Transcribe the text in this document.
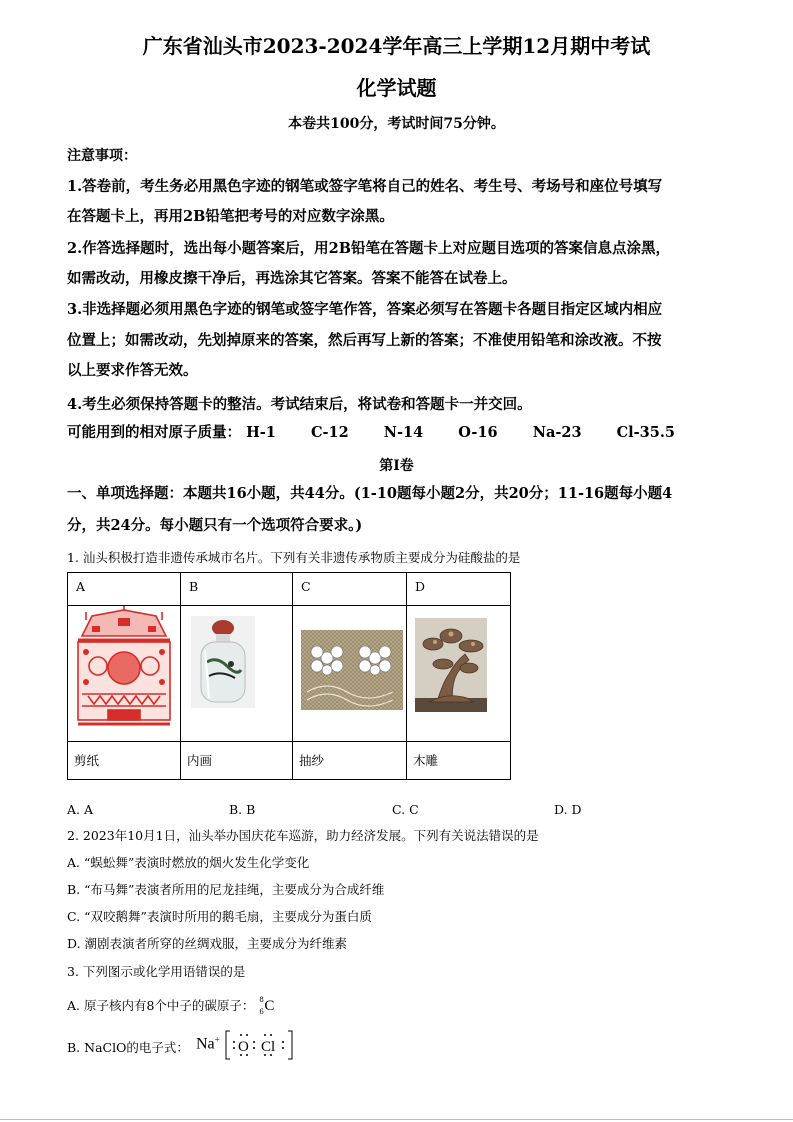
广东省汕头市2023-2024学年高三上学期12月期中考试
化学试题
本卷共100分，考试时间75分钟。
注意事项：
1.答卷前，考生务必用黑色字迹的钢笔或签字笔将自己的姓名、考生号、考场号和座位号填写
在答题卡上，再用2B铅笔把考号的对应数字涂黑。
2.作答选择题时，选出每小题答案后，用2B铅笔在答题卡上对应题目选项的答案信息点涂黑，
如需改动，用橡皮擦干净后，再选涂其它答案。答案不能答在试卷上。
3.非选择题必须用黑色字迹的钢笔或签字笔作答，答案必须写在答题卡各题目指定区域内相应
位置上；如需改动，先划掉原来的答案，然后再写上新的答案；不准使用铅笔和涂改液。不按
以上要求作答无效。
4.考生必须保持答题卡的整洁。考试结束后，将试卷和答题卡一并交回。
可能用到的相对原子质量： H-1 C-12 N-14 O-16 Na-23 Cl-35.5
第Ⅰ卷
一、单项选择题：本题共16小题，共44分。(1-10题每小题2分，共20分；11-16题每小题4
分，共24分。每小题只有一个选项符合要求。)
1. 汕头积极打造非遗传承城市名片。下列有关非遗传承物质主要成分为硅酸盐的是
A	B	C	D

剪纸	内画	抽纱	木雕
A. A	B. B	C. C	D. D
2. 2023年10月1日，汕头举办国庆花车巡游，助力经济发展。下列有关说法错误的是
A. “蜈蚣舞”表演时燃放的烟火发生化学变化
B. “布马舞”表演者所用的尼龙挂绳，主要成分为合成纤维
C. “双咬鹅舞”表演时所用的鹅毛扇，主要成分为蛋白质
D. 潮剧表演者所穿的丝绸戏服，主要成分为纤维素
3. 下列图示或化学用语错误的是
A. 原子核内有8个中子的碳原子： 8
6 C
B. NaClO的电子式： Na+ O Cl
